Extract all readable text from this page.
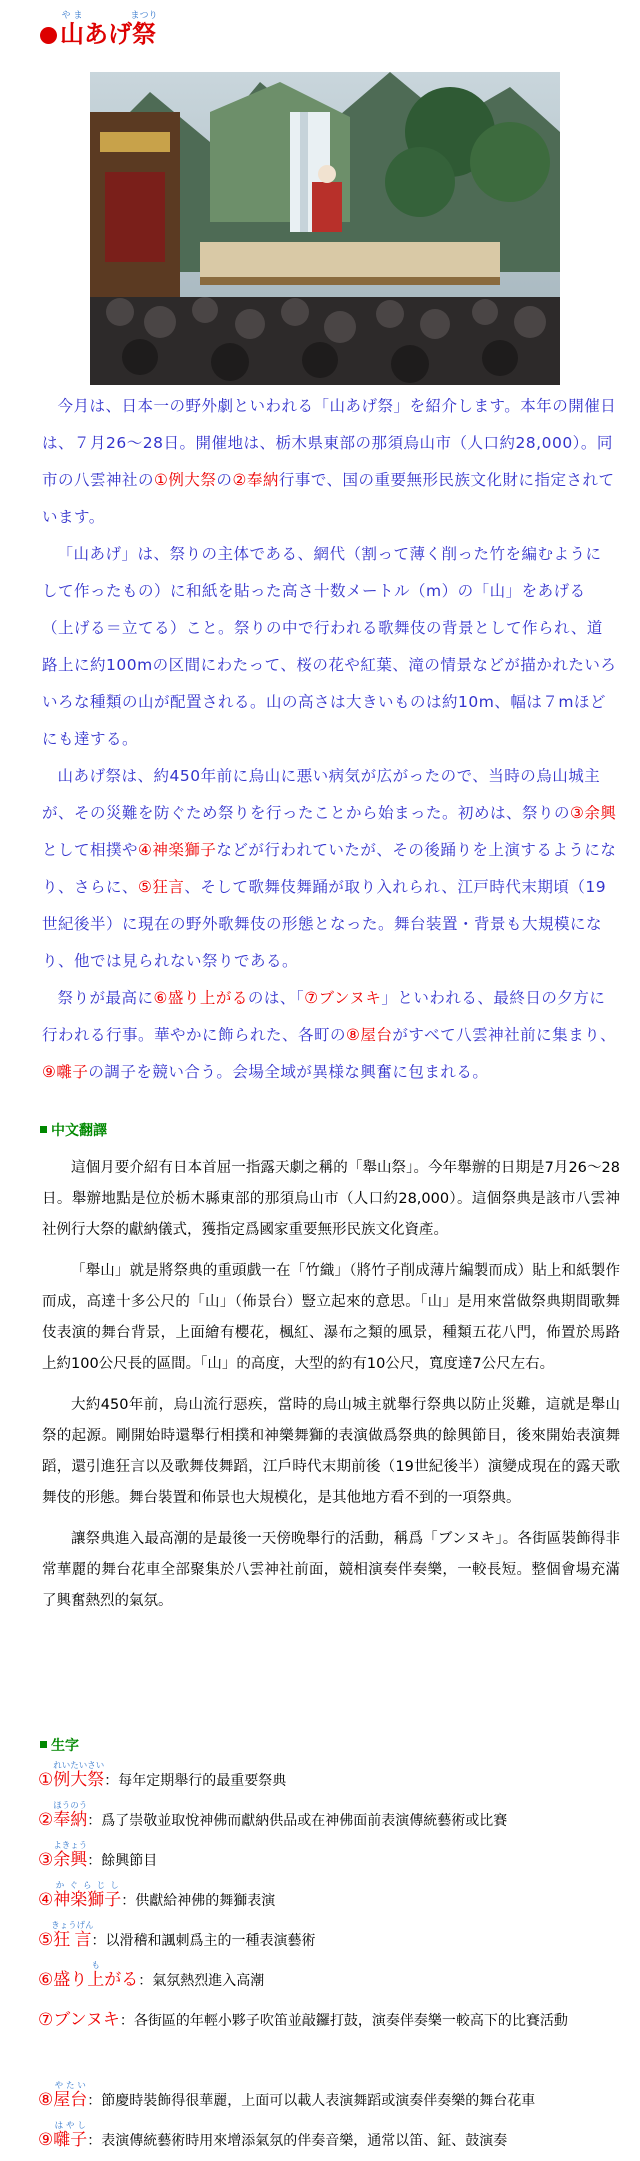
山やまあげ祭まつり

今月は、日本一の野外劇といわれる「山あげ祭」を紹介します。本年の開催日は、７月26～28日。開催地は、栃木県東部の那須烏山市（人口約28,000）。同市の八雲神社の①例大祭の②奉納行事で、国の重要無形民族文化財に指定されています。

「山あげ」は、祭りの主体である、網代（割って薄く削った竹を編むようにして作ったもの）に和紙を貼った高さ十数メートル（m）の「山」をあげる（上げる＝立てる）こと。祭りの中で行われる歌舞伎の背景として作られ、道路上に約100mの区間にわたって、桜の花や紅葉、滝の情景などが描かれたいろいろな種類の山が配置される。山の高さは大きいものは約10m、幅は７mほどにも達する。

山あげ祭は、約450年前に烏山に悪い病気が広がったので、当時の烏山城主が、その災難を防ぐため祭りを行ったことから始まった。初めは、祭りの③余興として相撲や④神楽獅子などが行われていたが、その後踊りを上演するようになり、さらに、⑤狂言、そして歌舞伎舞踊が取り入れられ、江戸時代末期頃（19世紀後半）に現在の野外歌舞伎の形態となった。舞台装置・背景も大規模になり、他では見られない祭りである。

祭りが最高に⑥盛り上がるのは、「⑦ブンヌキ」といわれる、最終日の夕方に行われる行事。華やかに飾られた、各町の⑧屋台がすべて八雲神社前に集まり、⑨囃子の調子を競い合う。会場全域が異様な興奮に包まれる。

中文翻譯

這個月要介紹有日本首屈一指露天劇之稱的「舉山祭」。今年舉辦的日期是7月26～28日。舉辦地點是位於栃木縣東部的那須烏山市（人口約28,000）。這個祭典是該市八雲神社例行大祭的獻納儀式，獲指定爲國家重要無形民族文化資產。

「舉山」就是將祭典的重頭戲一在「竹織」（將竹子削成薄片編製而成）貼上和紙製作而成，高達十多公尺的「山」（佈景台）豎立起來的意思。「山」是用來當做祭典期間歌舞伎表演的舞台背景，上面繪有櫻花，楓紅、瀑布之類的風景，種類五花八門，佈置於馬路上約100公尺長的區間。「山」的高度，大型的約有10公尺，寬度達7公尺左右。

大約450年前，烏山流行惡疾，當時的烏山城主就舉行祭典以防止災難，這就是舉山祭的起源。剛開始時還舉行相撲和神樂舞獅的表演做爲祭典的餘興節目，後來開始表演舞蹈，還引進狂言以及歌舞伎舞蹈，江戶時代末期前後（19世紀後半）演變成現在的露天歌舞伎的形態。舞台裝置和佈景也大規模化，是其他地方看不到的一項祭典。

讓祭典進入最高潮的是最後一天傍晚舉行的活動，稱爲「ブンヌキ」。各街區裝飾得非常華麗的舞台花車全部聚集於八雲神社前面，競相演奏伴奏樂，一較長短。整個會場充滿了興奮熱烈的氣氛。

生字
①例大祭れいたいさい：每年定期舉行的最重要祭典
②奉納ほうのう：爲了崇敬並取悅神佛而獻納供品或在神佛面前表演傳統藝術或比賽
③余興よきょう：餘興節目
④神楽獅子かぐらじし：供獻給神佛的舞獅表演
⑤狂言きょうげん：以滑稽和諷刺爲主的一種表演藝術
⑥盛り上がるも：氣氛熱烈進入高潮
⑦ブンヌキ：各街區的年輕小夥子吹笛並敲鑼打鼓，演奏伴奏樂一較高下的比賽活動
⑧屋台やたい：節慶時裝飾得很華麗，上面可以載人表演舞蹈或演奏伴奏樂的舞台花車
⑨囃子はやし：表演傳統藝術時用來增添氣氛的伴奏音樂，通常以笛、鉦、鼓演奏
